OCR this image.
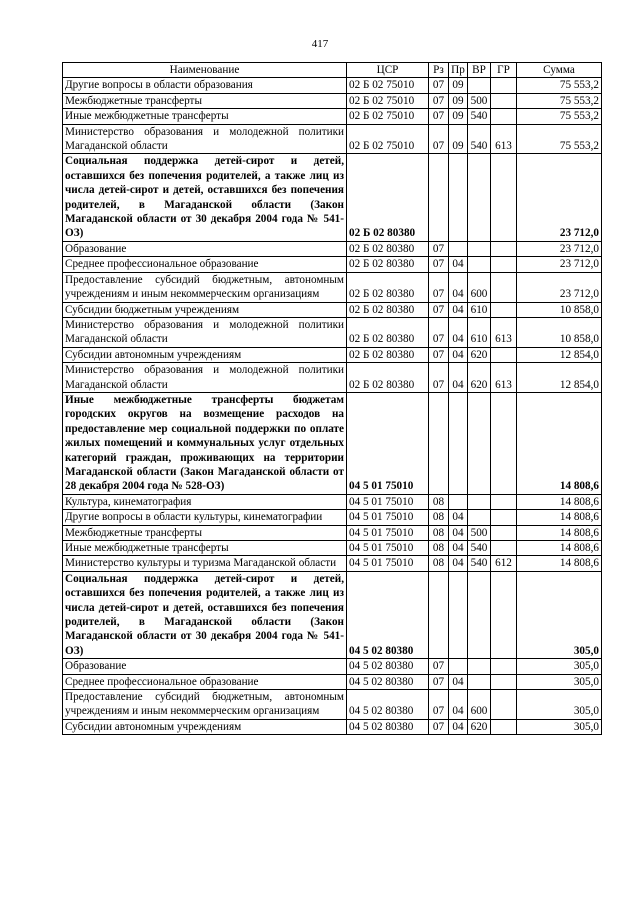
417
Наименование	ЦСР	Рз	Пр	ВР	ГР	Сумма
Другие вопросы в области образования	02 Б 02 75010	07	09			75 553,2
Межбюджетные трансферты	02 Б 02 75010	07	09	500		75 553,2
Иные межбюджетные трансферты	02 Б 02 75010	07	09	540		75 553,2
Министерство образования и молодежной политики Магаданской области	02 Б 02 75010	07	09	540	613	75 553,2
Социальная поддержка детей-сирот и детей, оставшихся без попечения родителей, а также лиц из числа детей-сирот и детей, оставшихся без попечения родителей, в Магаданской области (Закон Магаданской области от 30 декабря 2004 года № 541-ОЗ)	02 Б 02 80380					23 712,0
Образование	02 Б 02 80380	07				23 712,0
Среднее профессиональное образование	02 Б 02 80380	07	04			23 712,0
Предоставление субсидий бюджетным, автономным учреждениям и иным некоммерческим организациям	02 Б 02 80380	07	04	600		23 712,0
Субсидии бюджетным учреждениям	02 Б 02 80380	07	04	610		10 858,0
Министерство образования и молодежной политики Магаданской области	02 Б 02 80380	07	04	610	613	10 858,0
Субсидии автономным учреждениям	02 Б 02 80380	07	04	620		12 854,0
Министерство образования и молодежной политики Магаданской области	02 Б 02 80380	07	04	620	613	12 854,0
Иные межбюджетные трансферты бюджетам городских округов на возмещение расходов на предоставление мер социальной поддержки по оплате жилых помещений и коммунальных услуг отдельных категорий граждан, проживающих на территории Магаданской области (Закон Магаданской области от 28 декабря 2004 года № 528-ОЗ)	04 5 01 75010					14 808,6
Культура, кинематография	04 5 01 75010	08				14 808,6
Другие вопросы в области культуры, кинематографии	04 5 01 75010	08	04			14 808,6
Межбюджетные трансферты	04 5 01 75010	08	04	500		14 808,6
Иные межбюджетные трансферты	04 5 01 75010	08	04	540		14 808,6
Министерство культуры и туризма Магаданской области	04 5 01 75010	08	04	540	612	14 808,6
Социальная поддержка детей-сирот и детей, оставшихся без попечения родителей, а также лиц из числа детей-сирот и детей, оставшихся без попечения родителей, в Магаданской области (Закон Магаданской области от 30 декабря 2004 года № 541-ОЗ)	04 5 02 80380					305,0
Образование	04 5 02 80380	07				305,0
Среднее профессиональное образование	04 5 02 80380	07	04			305,0
Предоставление субсидий бюджетным, автономным учреждениям и иным некоммерческим организациям	04 5 02 80380	07	04	600		305,0
Субсидии автономным учреждениям	04 5 02 80380	07	04	620		305,0
